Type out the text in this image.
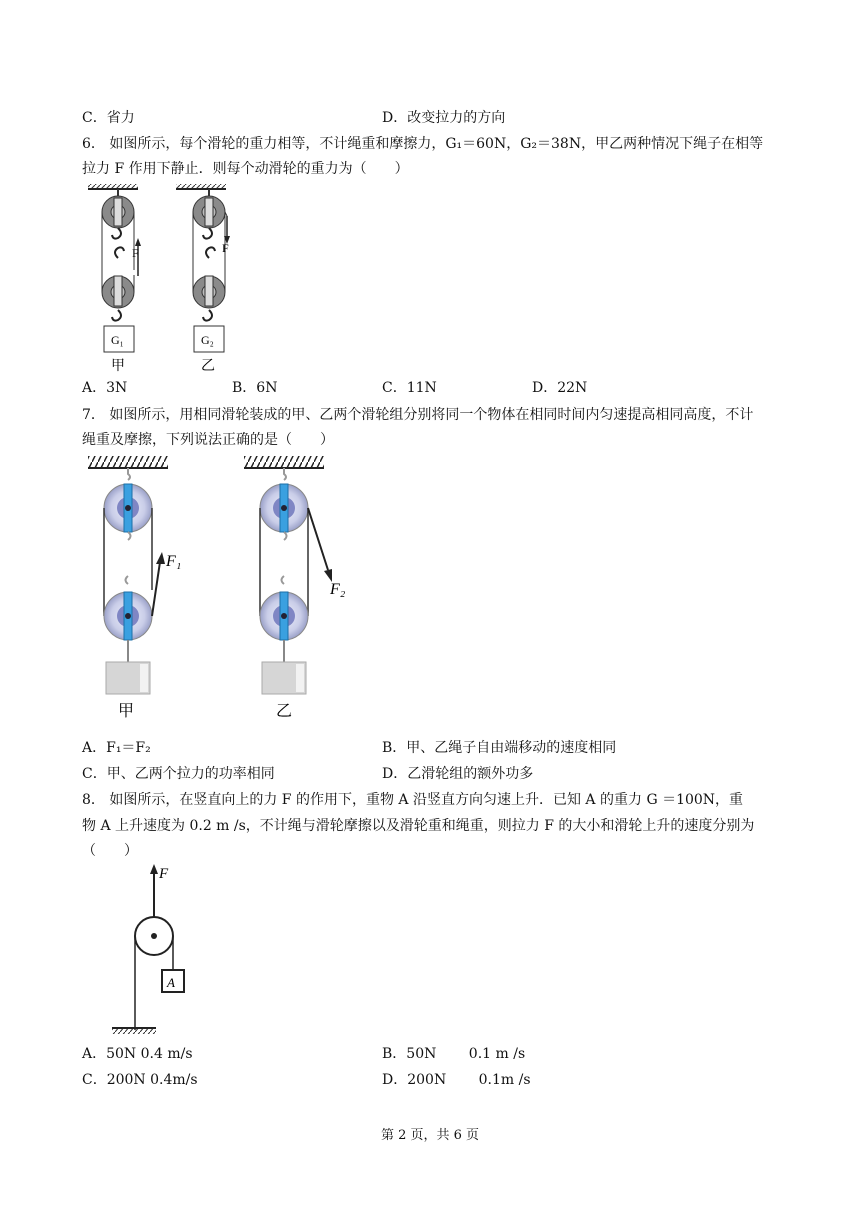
C．省力	D．改变拉力的方向
6． 如图所示，每个滑轮的重力相等，不计绳重和摩擦力，G₁＝60N，G₂＝38N，甲乙两种情况下绳子在相等
拉力 F 作用下静止．则每个动滑轮的重力为（　　）
F
G₁
甲
F
G₂
乙
A．3N	B．6N	C．11N	D．22N
7． 如图所示，用相同滑轮装成的甲、乙两个滑轮组分别将同一个物体在相同时间内匀速提高相同高度，不计
绳重及摩擦，下列说法正确的是（　　）
F₁
甲
F₂
乙
A．F₁＝F₂	B．甲、乙绳子自由端移动的速度相同
C．甲、乙两个拉力的功率相同	D．乙滑轮组的额外功多
8． 如图所示，在竖直向上的力 F 的作用下，重物 A 沿竖直方向匀速上升．已知 A 的重力 G ＝100N，重
物 A 上升速度为 0.2 m /s，不计绳与滑轮摩擦以及滑轮重和绳重，则拉力 F 的大小和滑轮上升的速度分别为
（　　）
F
A
A．50N 0.4 m/s	B．50N　　 0.1 m /s
C．200N 0.4m/s	D．200N　　 0.1m /s
第 2 页，共 6 页
